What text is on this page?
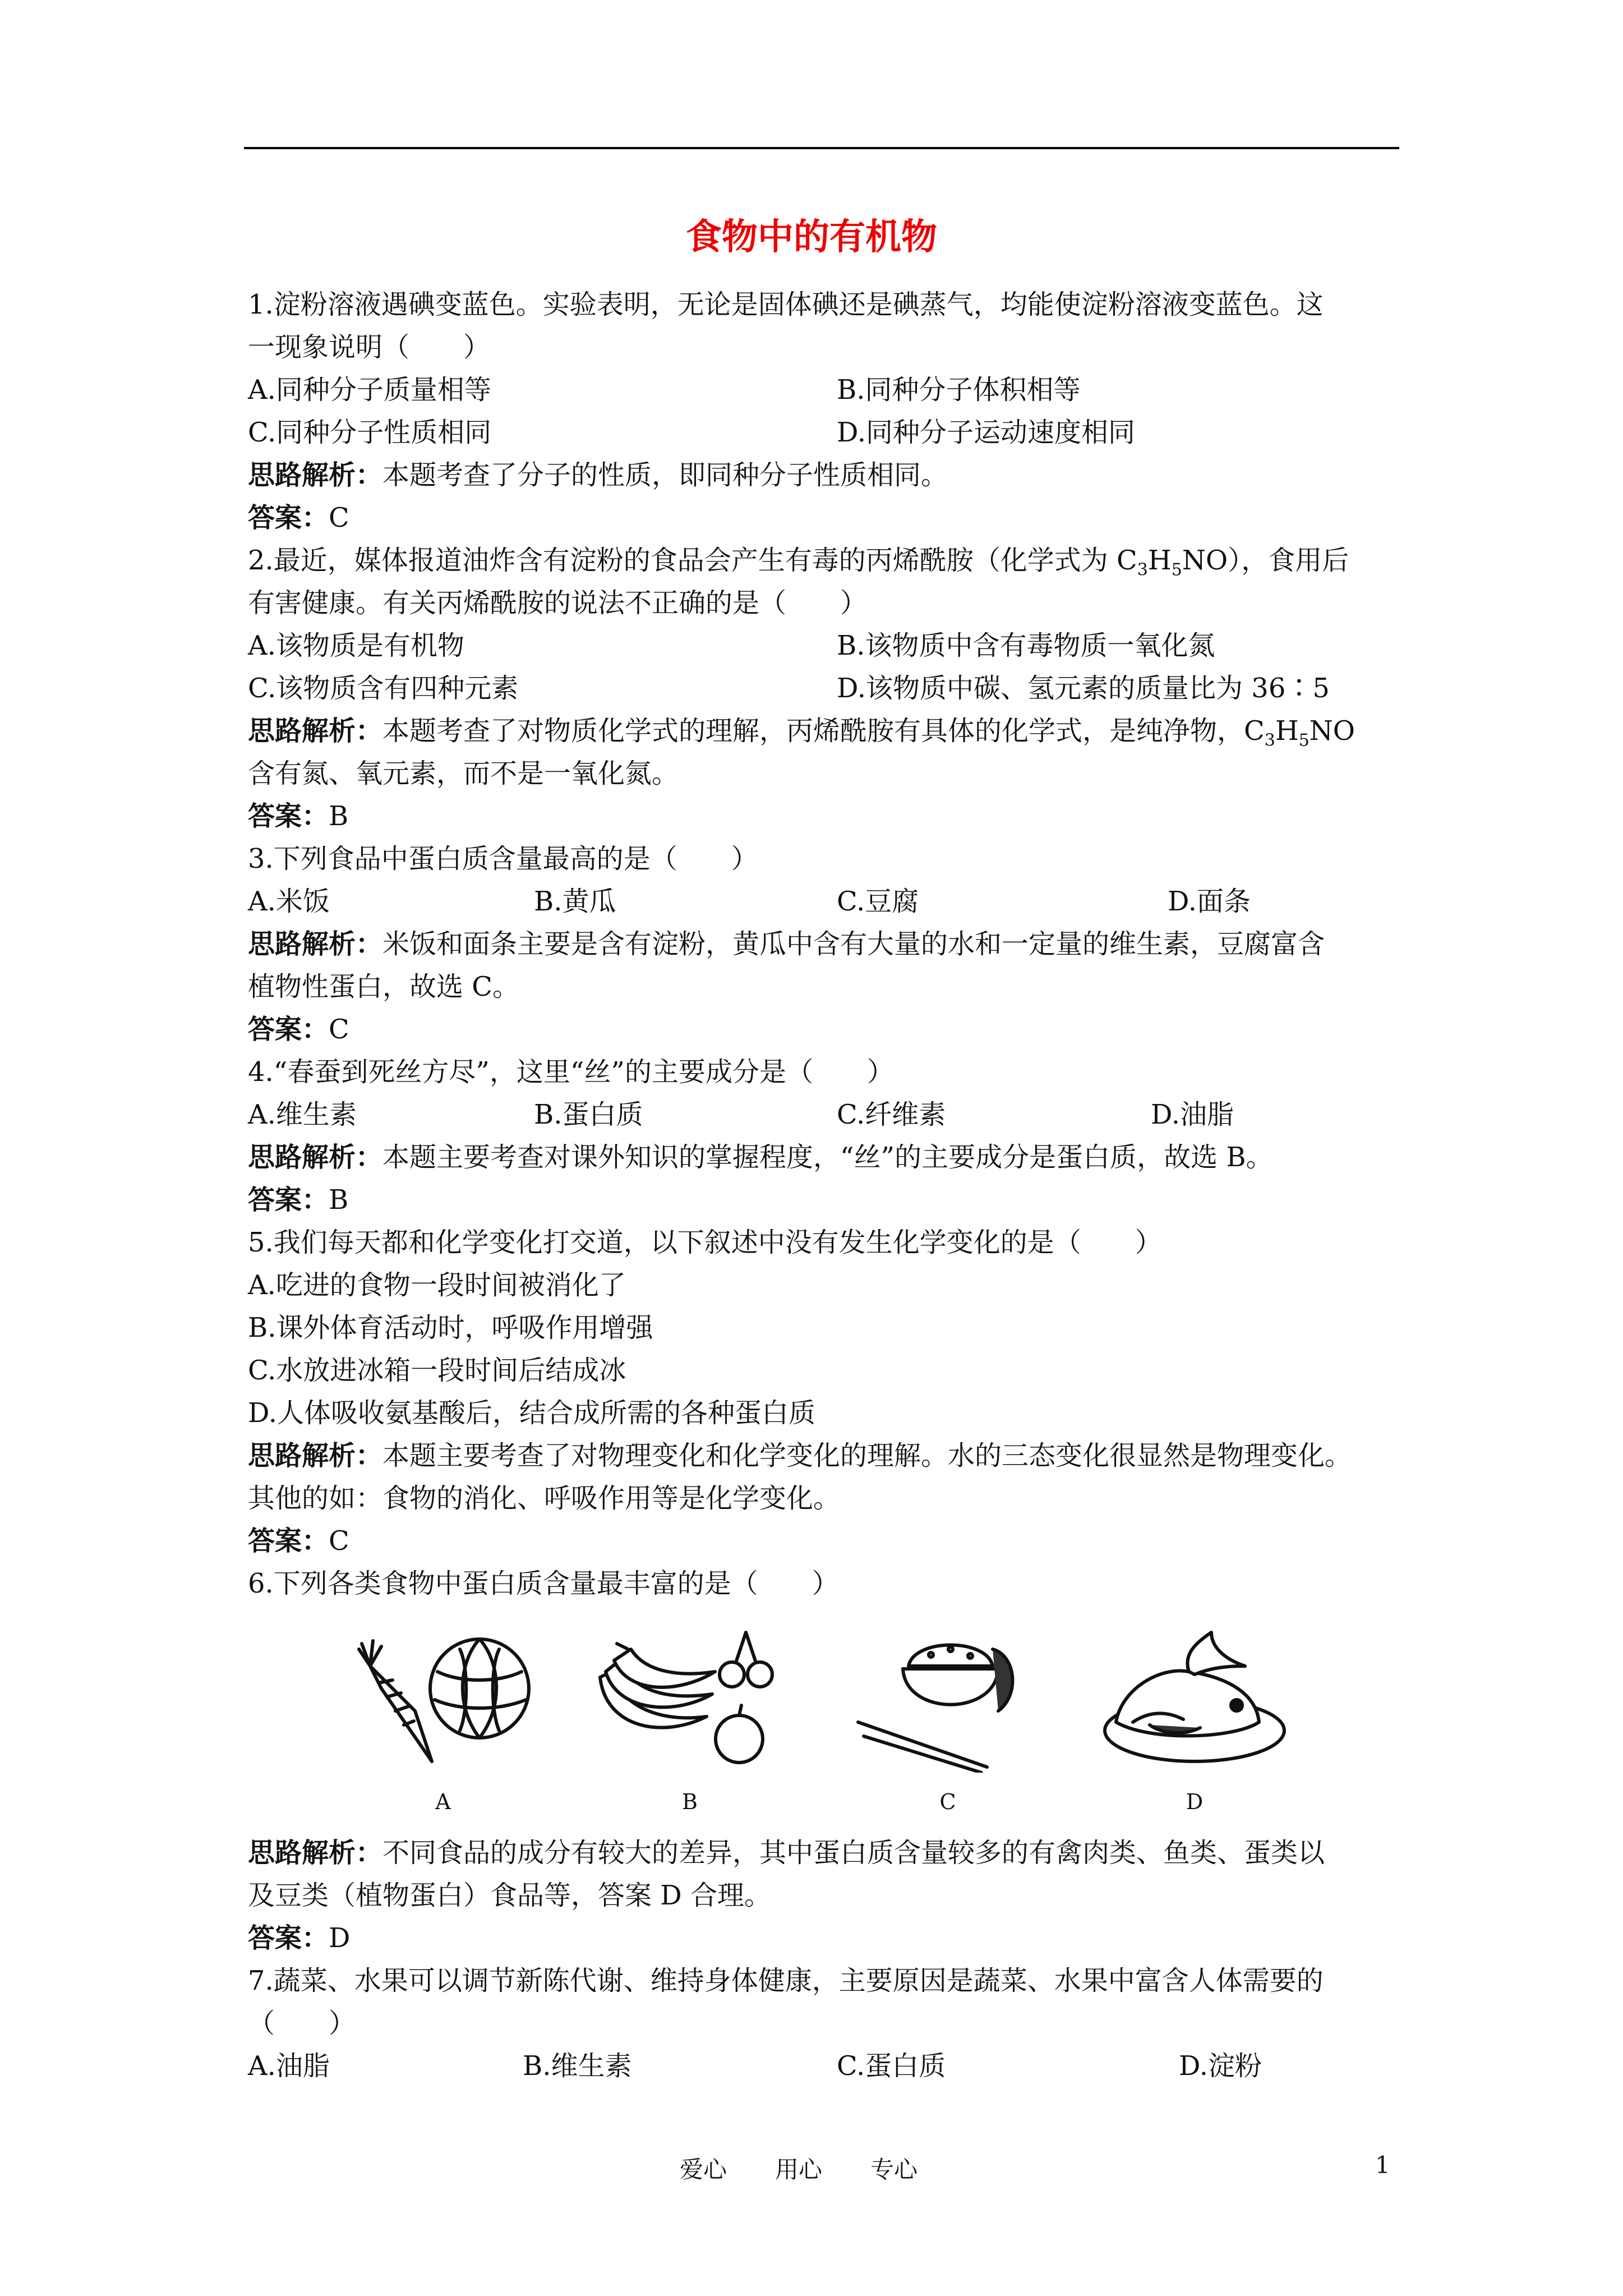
食物中的有机物
1.淀粉溶液遇碘变蓝色。实验表明，无论是固体碘还是碘蒸气，均能使淀粉溶液变蓝色。这
一现象说明（　　）
A.同种分子质量相等	B.同种分子体积相等
C.同种分子性质相同	D.同种分子运动速度相同
思路解析：本题考查了分子的性质，即同种分子性质相同。
答案：C
2.最近，媒体报道油炸含有淀粉的食品会产生有毒的丙烯酰胺（化学式为 $C_3H_5NO$），食用后
有害健康。有关丙烯酰胺的说法不正确的是（　　）
A.该物质是有机物	B.该物质中含有毒物质一氧化氮
C.该物质含有四种元素	D.该物质中碳、氢元素的质量比为 36∶5
思路解析：本题考查了对物质化学式的理解，丙烯酰胺有具体的化学式，是纯净物，$C_3H_5NO$
含有氮、氧元素，而不是一氧化氮。
答案：B
3.下列食品中蛋白质含量最高的是（　　）
A.米饭	B.黄瓜	C.豆腐	D.面条
思路解析：米饭和面条主要是含有淀粉，黄瓜中含有大量的水和一定量的维生素，豆腐富含
植物性蛋白，故选 C。
答案：C
4.“春蚕到死丝方尽”，这里“丝”的主要成分是（　　）
A.维生素	B.蛋白质	C.纤维素	D.油脂
思路解析：本题主要考查对课外知识的掌握程度，“丝”的主要成分是蛋白质，故选 B。
答案：B
5.我们每天都和化学变化打交道，以下叙述中没有发生化学变化的是（　　）
A.吃进的食物一段时间被消化了
B.课外体育活动时，呼吸作用增强
C.水放进冰箱一段时间后结成冰
D.人体吸收氨基酸后，结合成所需的各种蛋白质
思路解析：本题主要考查了对物理变化和化学变化的理解。水的三态变化很显然是物理变化。
其他的如：食物的消化、呼吸作用等是化学变化。
答案：C
6.下列各类食物中蛋白质含量最丰富的是（　　）
A	B	C	D
思路解析：不同食品的成分有较大的差异，其中蛋白质含量较多的有禽肉类、鱼类、蛋类以
及豆类（植物蛋白）食品等，答案 D 合理。
答案：D
7.蔬菜、水果可以调节新陈代谢、维持身体健康，主要原因是蔬菜、水果中富含人体需要的
（　　）
A.油脂	B.维生素	C.蛋白质	D.淀粉
爱心 用心 专心	1
